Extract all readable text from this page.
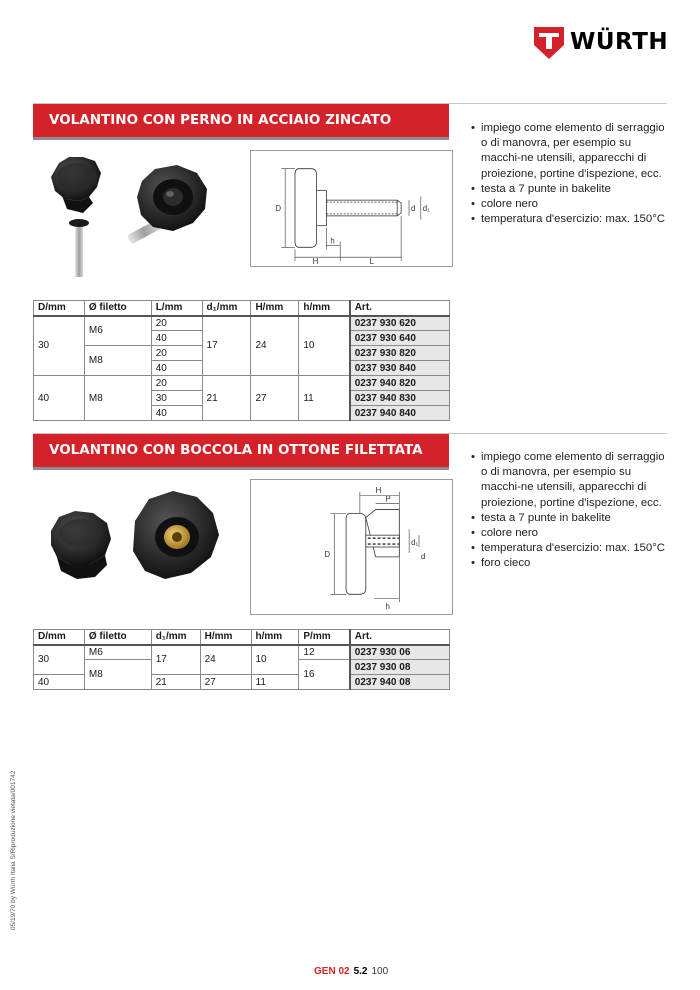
WÜRTH
VOLANTINO CON PERNO IN ACCIAIO ZINCATO	• impiego come elemento di serraggio o di manovra, per esempio su macchi-ne utensili, apparecchi di proiezione, portine d'ispezione, ecc.
• testa a 7 punte in bakelite
• colore nero
• temperatura d'esercizio: max. 150°C
D
h
H	L
d d₁
D/mm	Ø filetto	L/mm	d₁/mm	H/mm	h/mm	Art.
30	M6	20	17	24	10	0237 930 620
		40				0237 930 640
	M8	20				0237 930 820
		40				0237 930 840
40	M8	20	21	27	11	0237 940 820
		30				0237 940 830
		40				0237 940 840
VOLANTINO CON BOCCOLA IN OTTONE FILETTATA	• impiego come elemento di serraggio o di manovra, per esempio su macchi-ne utensili, apparecchi di proiezione, portine d'ispezione, ecc.
• testa a 7 punte in bakelite
• colore nero
• temperatura d'esercizio: max. 150°C
• foro cieco
H
P
D
d₁
d
h
D/mm	Ø filetto	d₁/mm	H/mm	h/mm	P/mm	Art.
30	M6	17	24	10	12	0237 930 06
	M8				16	0237 930 08
40		21	27	11		0237 940 08
05/19/70 by Würth Italia S/Riproduzione vietata/001742
GEN 02 5.2 100
